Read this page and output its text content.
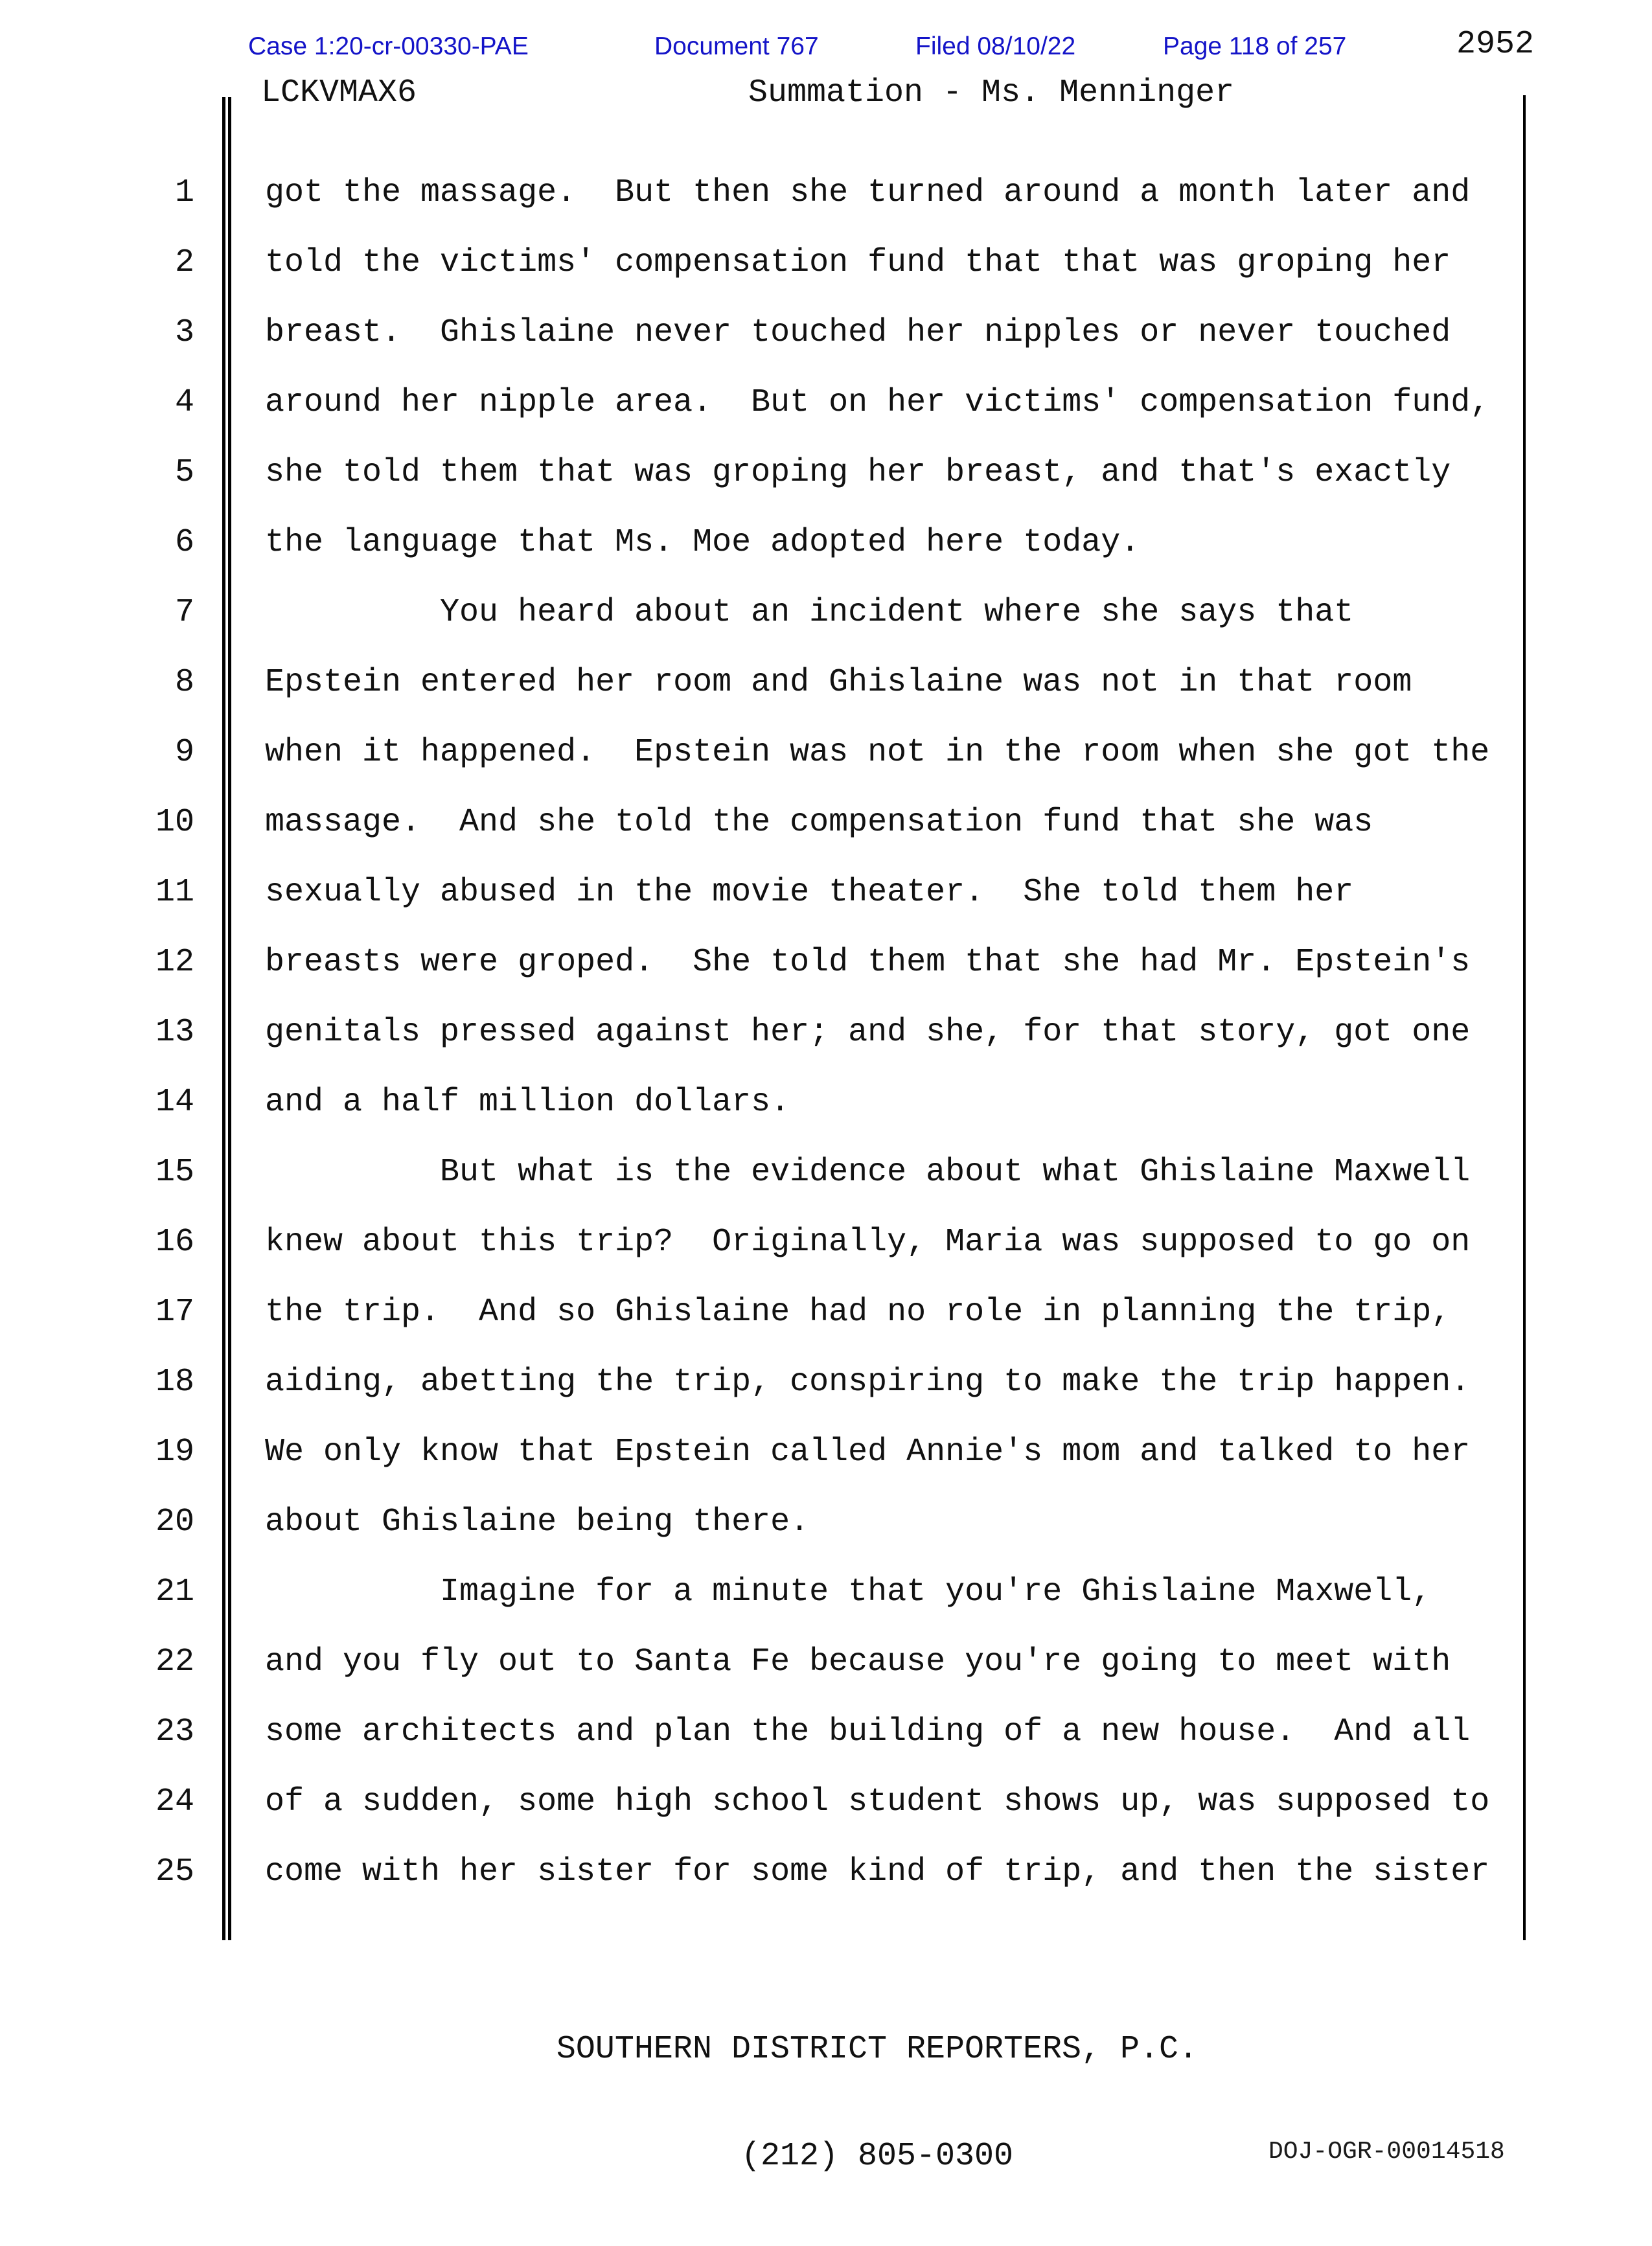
Case 1:20-cr-00330-PAE	Document 767	Filed 08/10/22	Page 118 of 257	2952
LCKVMAX6	Summation - Ms. Menninger
1
2
3
4
5
6
7
8
9
10
11
12
13
14
15
16
17
18
19
20
21
22
23
24
25
got the massage.  But then she turned around a month later and
told the victims' compensation fund that that was groping her
breast.  Ghislaine never touched her nipples or never touched
around her nipple area.  But on her victims' compensation fund,
she told them that was groping her breast, and that's exactly
the language that Ms. Moe adopted here today.
You heard about an incident where she says that
Epstein entered her room and Ghislaine was not in that room
when it happened.  Epstein was not in the room when she got the
massage.  And she told the compensation fund that she was
sexually abused in the movie theater.  She told them her
breasts were groped.  She told them that she had Mr. Epstein's
genitals pressed against her; and she, for that story, got one
and a half million dollars.
But what is the evidence about what Ghislaine Maxwell
knew about this trip?  Originally, Maria was supposed to go on
the trip.  And so Ghislaine had no role in planning the trip,
aiding, abetting the trip, conspiring to make the trip happen.
We only know that Epstein called Annie's mom and talked to her
about Ghislaine being there.
Imagine for a minute that you're Ghislaine Maxwell,
and you fly out to Santa Fe because you're going to meet with
some architects and plan the building of a new house.  And all
of a sudden, some high school student shows up, was supposed to
come with her sister for some kind of trip, and then the sister

SOUTHERN DISTRICT REPORTERS, P.C.

(212) 805-0300

	DOJ-OGR-00014518
